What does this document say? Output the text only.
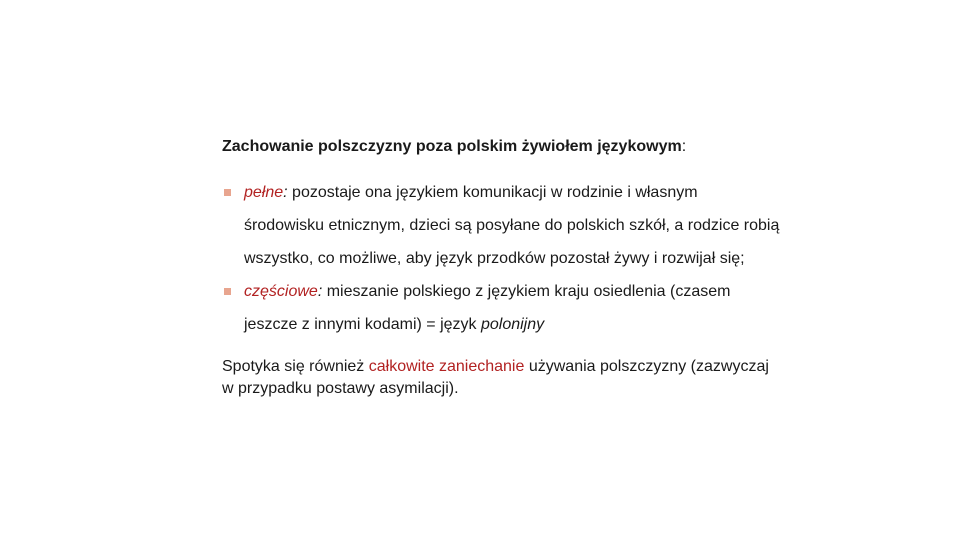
Zachowanie polszczyzny poza polskim żywiołem językowym:

pełne: pozostaje ona językiem komunikacji w rodzinie i własnym środowisku etnicznym, dzieci są posyłane do polskich szkół, a rodzice robią wszystko, co możliwe, aby język przodków pozostał żywy i rozwijał się;
częściowe: mieszanie polskiego z językiem kraju osiedlenia (czasem jeszcze z innymi kodami) = język polonijny

Spotyka się również całkowite zaniechanie używania polszczyzny (zazwyczaj w przypadku postawy asymilacji).
